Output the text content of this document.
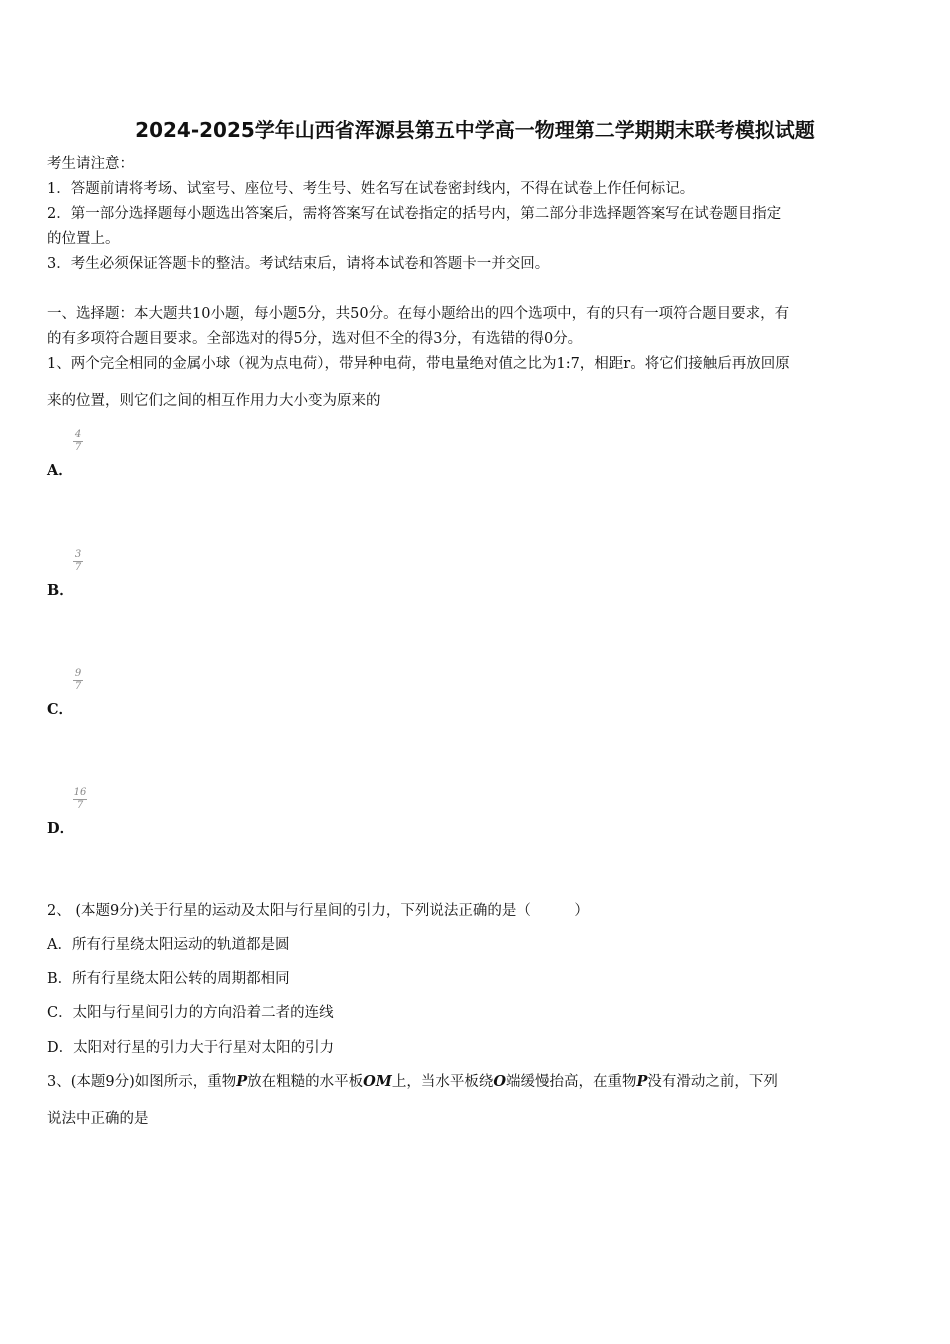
2024-2025学年山西省浑源县第五中学高一物理第二学期期末联考模拟试题
考生请注意：
1．答题前请将考场、试室号、座位号、考生号、姓名写在试卷密封线内，不得在试卷上作任何标记。
2．第一部分选择题每小题选出答案后，需将答案写在试卷指定的括号内，第二部分非选择题答案写在试卷题目指定
的位置上。
3．考生必须保证答题卡的整洁。考试结束后，请将本试卷和答题卡一并交回。
一、选择题：本大题共10小题，每小题5分，共50分。在每小题给出的四个选项中，有的只有一项符合题目要求，有
的有多项符合题目要求。全部选对的得5分，选对但不全的得3分，有选错的得0分。
1、两个完全相同的金属小球（视为点电荷），带异种电荷，带电量绝对值之比为1:7，相距r。将它们接触后再放回原
来的位置，则它们之间的相互作用力大小变为原来的
4
7
A．
3
7
B．
9
7
C．
16
7
D．
2、 (本题9分)关于行星的运动及太阳与行星间的引力，下列说法正确的是（　　　）
A．所有行星绕太阳运动的轨道都是圆
B．所有行星绕太阳公转的周期都相同
C．太阳与行星间引力的方向沿着二者的连线
D．太阳对行星的引力大于行星对太阳的引力
3、(本题9分)如图所示，重物P放在粗糙的水平板OM上，当水平板绕O端缓慢抬高，在重物P没有滑动之前，下列
说法中正确的是
